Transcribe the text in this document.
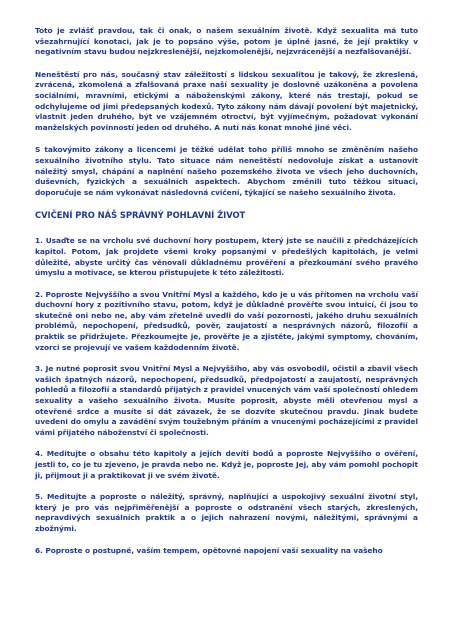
Toto je zvlášť pravdou, tak či onak, o našem sexuálním životě. Když sexualita má tuto všezahrnující konotaci, jak je to popsáno výše, potom je úplně jasné, že její praktiky v negativním stavu budou nejzkreslenější, nejzkomolenější, nejzvrácenější a nezfalšovanější.

Neneštěstí pro nás, současný stav záležitostí s lidskou sexualitou je takový, že zkreslená, zvrácená, zkomolená a zfalšovaná praxe naší sexuality je doslovně uzákoněna a povolena sociálními, mravními, etickými a náboženskými zákony, které nás trestají, pokud se odchylujeme od jimi předepsaných kodexů. Tyto zákony nám dávají povolení být majetnický, vlastnit jeden druhého, být ve vzájemném otroctví, být vyjímečným, požadovat vykonání manželských povinností jeden od druhého. A nutí nás konat mnohé jiné věci.

S takovýmito zákony a licencemi je těžké udělat toho příliš mnoho se změněním našeho sexuálního životního stylu. Tato situace nám neneštěstí nedovoluje získat a ustanovit náležitý smysl, chápání a naplnění našeho pozemského života ve všech jeho duchovních, duševních, fyzických a sexuálních aspektech. Abychom změnili tuto těžkou situaci, doporučuje se nám vykonávat následovná cvičení, týkající se našeho sexuálního života.

CVIČENÍ PRO NÁŠ SPRÁVNÝ POHLAVNÍ ŽIVOT

1. Usaďte se na vrcholu své duchovní hory postupem, který jste se naučili z předcházejících kapitol. Potom, jak projdete všemi kroky popsanými v předešlých kapitolách, je velmi důležité, abyste určitý čas věnovali důkladnému prověření a přezkoumání svého pravého úmyslu a motivace, se kterou přistupujete k této záležitosti.

2. Poproste Nejvyššího a svou Vnitřní Mysl a každého, kdo je u vás přítomen na vrcholu vaší duchovní hory z pozitivního stavu, potom, když je důkladně prověřte svou intuicí, či jsou to skutečně oni nebo ne, aby vám zřetelně uvedli do vaší pozornosti, jakého druhu sexuálních problémů, nepochopení, předsudků, pověr, zaujatostí a nesprávných názorů, filozofií a praktik se přidržujete. Přezkoumejte je, prověřte je a zjistěte, jakými symptomy, chováním, vzorci se projevují ve vašem každodenním životě.

3. Je nutné poprosit svou Vnitřní Mysl a Nejvyššího, aby vás osvobodil, očistil a zbavil všech vašich špatných názorů, nepochopení, předsudků, předpojatostí a zaujatostí, nesprávných pohledů a filozofií a standardů přijatých z pravidel vnucených vám vaší společností ohledem sexuality a vašeho sexuálního života. Musíte poprosit, abyste měli otevřenou mysl a otevřené srdce a musíte si dát závazek, že se dozvíte skutečnou pravdu. Jinak budete uvedeni do omylu a zavádění svým toužebným přáním a vnucenými pocházejícími z pravidel vámi přijatého náboženství či společnosti.

4. Meditujte o obsahu této kapitoly a jejích devíti bodů a poproste Nejvyššího o ověření, jestli to, co je tu zjeveno, je pravda nebo ne. Když je, poproste Jej, aby vám pomohl pochopit ji, přijmout ji a praktikovat ji ve svém životě.

5. Meditujte a poproste o náležitý, správný, naplňující a uspokojivý sexuální životní styl, který je pro vás nejpřiměřenější a poproste o odstranění všech starých, zkreslených, nepravdivých sexuálních praktik a o jejich nahrazení novými, náležitými, správnými a zbožnými.

6. Poproste o postupné, vaším tempem, opětovné napojení vaší sexuality na vašeho
